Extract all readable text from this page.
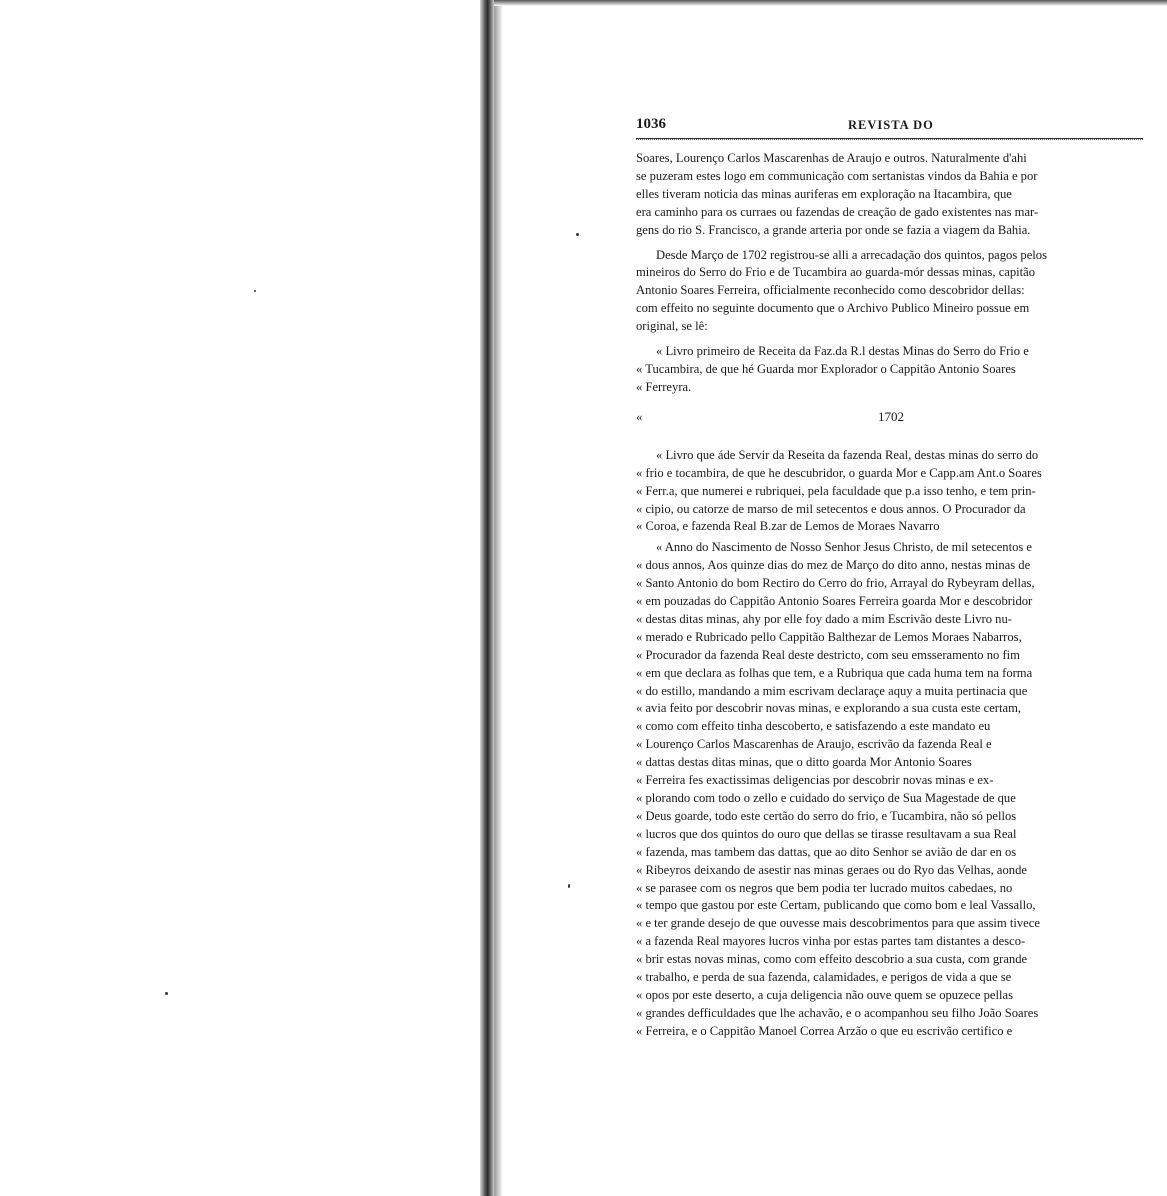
1036	REVISTA DO

Soares, Lourenço Carlos Mascarenhas de Araujo e outros. Naturalmente d'ahi
se puzeram estes logo em communicação com sertanistas vindos da Bahia e por
elles tiveram noticia das minas auriferas em exploração na Itacambira, que
era caminho para os curraes ou fazendas de creação de gado existentes nas mar-
gens do rio S. Francisco, a grande arteria por onde se fazia a viagem da Bahia.

Desde Março de 1702 registrou-se alli a arrecadação dos quintos, pagos pelos
mineiros do Serro do Frio e de Tucambira ao guarda-mór dessas minas, capitão
Antonio Soares Ferreira, officialmente reconhecido como descobridor dellas:
com effeito no seguinte documento que o Archivo Publico Mineiro possue em
original, se lê:

« Livro primeiro de Receita da Faz.da R.l destas Minas do Serro do Frio e
« Tucambira, de que hé Guarda mor Explorador o Cappitão Antonio Soares
« Ferreyra.

«	1702

« Livro que áde Servir da Reseita da fazenda Real, destas minas do serro do
« frio e tocambira, de que he descubridor, o guarda Mor e Capp.am Ant.o Soares
« Ferr.a, que numerei e rubriquei, pela faculdade que p.a isso tenho, e tem prin-
« cipio, ou catorze de marso de mil setecentos e dous annos. O Procurador da
« Coroa, e fazenda Real B.zar de Lemos de Moraes Navarro

« Anno do Nascimento de Nosso Senhor Jesus Christo, de mil setecentos e
« dous annos, Aos quinze dias do mez de Março do dito anno, nestas minas de
« Santo Antonio do bom Rectiro do Cerro do frio, Arrayal do Rybeyram dellas,
« em pouzadas do Cappitão Antonio Soares Ferreira goarda Mor e descobridor
« destas ditas minas, ahy por elle foy dado a mim Escrivão deste Livro nu-
« merado e Rubricado pello Cappitão Balthezar de Lemos Moraes Nabarros,
« Procurador da fazenda Real deste destricto, com seu emsseramento no fim
« em que declara as folhas que tem, e a Rubriqua que cada huma tem na forma
« do estillo, mandando a mim escrivam declaraçe aquy a muita pertinacia que
« avia feito por descobrir novas minas, e explorando a sua custa este certam,
« como com effeito tinha descoberto, e satisfazendo a este mandato eu
« Lourenço Carlos Mascarenhas de Araujo, escrivão da fazenda Real e
« dattas destas ditas minas, que o ditto goarda Mor Antonio Soares
« Ferreira fes exactissimas deligencias por descobrir novas minas e ex-
« plorando com todo o zello e cuidado do serviço de Sua Magestade de que
« Deus goarde, todo este certão do serro do frio, e Tucambira, não só pellos
« lucros que dos quintos do ouro que dellas se tirasse resultavam a sua Real
« fazenda, mas tambem das dattas, que ao dito Senhor se avião de dar en os
« Ribeyros deixando de asestir nas minas geraes ou do Ryo das Velhas, aonde
« se parasee com os negros que bem podia ter lucrado muitos cabedaes, no
« tempo que gastou por este Certam, publicando que como bom e leal Vassallo,
« e ter grande desejo de que ouvesse mais descobrimentos para que assim tivece
« a fazenda Real mayores lucros vinha por estas partes tam distantes a desco-
« brir estas novas minas, como com effeito descobrio a sua custa, com grande
« trabalho, e perda de sua fazenda, calamidades, e perigos de vida a que se
« opos por este deserto, a cuja deligencia não ouve quem se opuzece pellas
« grandes defficuldades que lhe achavão, e o acompanhou seu filho João Soares
« Ferreira, e o Cappitão Manoel Correa Arzão o que eu escrivão certifico e
